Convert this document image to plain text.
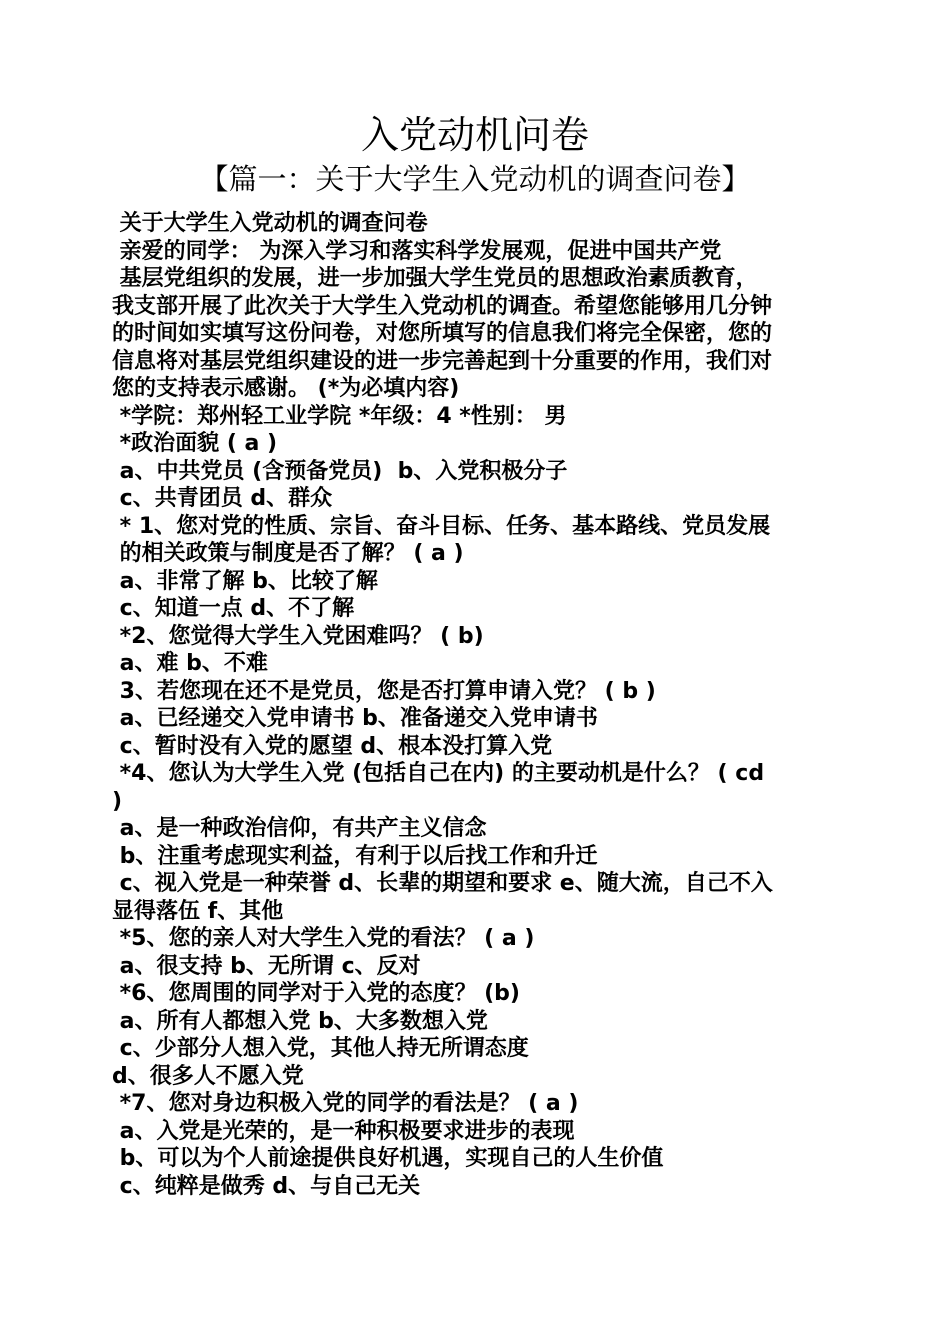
入党动机问卷
【篇一：关于大学生入党动机的调查问卷】
关于大学生入党动机的调查问卷
亲爱的同学： 为深入学习和落实科学发展观，促进中国共产党
基层党组织的发展，进一步加强大学生党员的思想政治素质教育，
我支部开展了此次关于大学生入党动机的调查。希望您能够用几分钟
的时间如实填写这份问卷，对您所填写的信息我们将完全保密，您的
信息将对基层党组织建设的进一步完善起到十分重要的作用，我们对
您的支持表示感谢。 (*为必填内容)
*学院：郑州轻工业学院 *年级：4 *性别： 男
*政治面貌 ( a )
a、中共党员 (含预备党员)  b、入党积极分子
c、共青团员 d、群众
* 1、您对党的性质、宗旨、奋斗目标、任务、基本路线、党员发展
的相关政策与制度是否了解？ ( a )
a、非常了解 b、比较了解
c、知道一点 d、不了解
*2、您觉得大学生入党困难吗？ ( b)
a、难 b、不难
3、若您现在还不是党员，您是否打算申请入党？ ( b )
a、已经递交入党申请书 b、准备递交入党申请书
c、暂时没有入党的愿望 d、根本没打算入党
*4、您认为大学生入党 (包括自己在内) 的主要动机是什么？ ( cd
)
a、是一种政治信仰，有共产主义信念
b、注重考虑现实利益，有利于以后找工作和升迁
c、视入党是一种荣誉 d、长辈的期望和要求 e、随大流，自己不入
显得落伍 f、其他
*5、您的亲人对大学生入党的看法？ ( a )
a、很支持 b、无所谓 c、反对
*6、您周围的同学对于入党的态度？ (b)
a、所有人都想入党 b、大多数想入党
c、少部分人想入党，其他人持无所谓态度
d、很多人不愿入党
*7、您对身边积极入党的同学的看法是？ ( a )
a、入党是光荣的，是一种积极要求进步的表现
b、可以为个人前途提供良好机遇，实现自己的人生价值
c、纯粹是做秀 d、与自己无关
